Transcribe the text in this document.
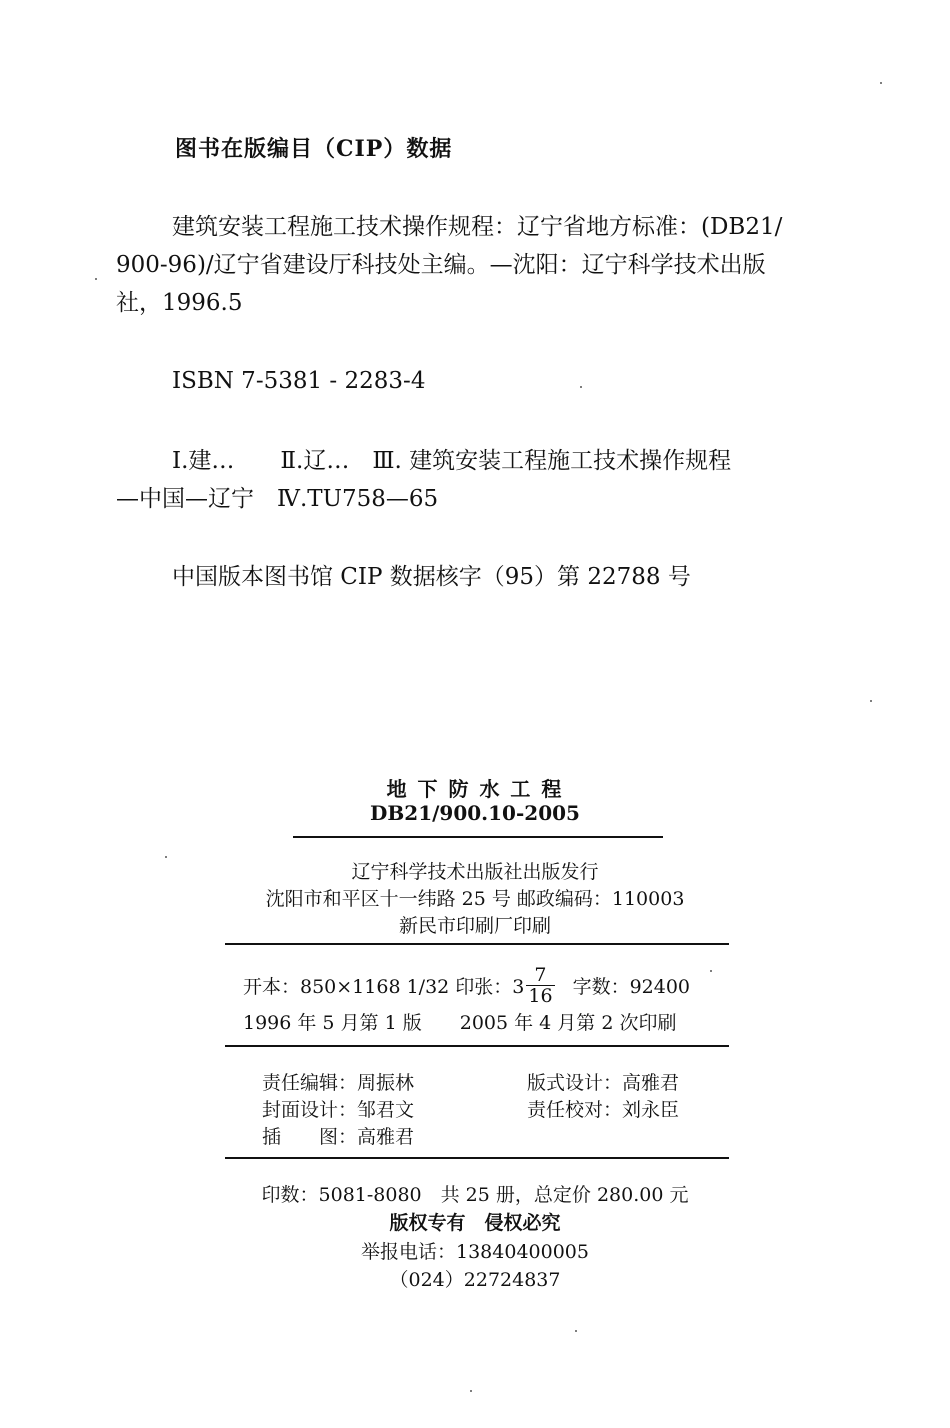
图书在版编目（CIP）数据
建筑安装工程施工技术操作规程：辽宁省地方标准：(DB21/
900-96)/辽宁省建设厅科技处主编。—沈阳：辽宁科学技术出版
社，1996.5
ISBN 7-5381 - 2283-4
Ⅰ.建…　　Ⅱ.辽…　Ⅲ. 建筑安装工程施工技术操作规程
—中国—辽宁　Ⅳ.TU758—65
中国版本图书馆 CIP 数据核字（95）第 22788 号
地 下 防 水 工 程
DB21/900.10-2005
辽宁科学技术出版社出版发行
沈阳市和平区十一纬路 25 号 邮政编码：110003
新民市印刷厂印刷
开本：850×1168 1/32 印张：$3 \frac{7}{16}$ 字数：92400
1996 年 5 月第 1 版　　2005 年 4 月第 2 次印刷
责任编辑：周振林	版式设计：高雅君
封面设计：邹君文	责任校对：刘永臣
插　　图：高雅君
印数：5081-8080　共 25 册，总定价 280.00 元
版权专有　侵权必究
举报电话：13840400005
（024）22724837
